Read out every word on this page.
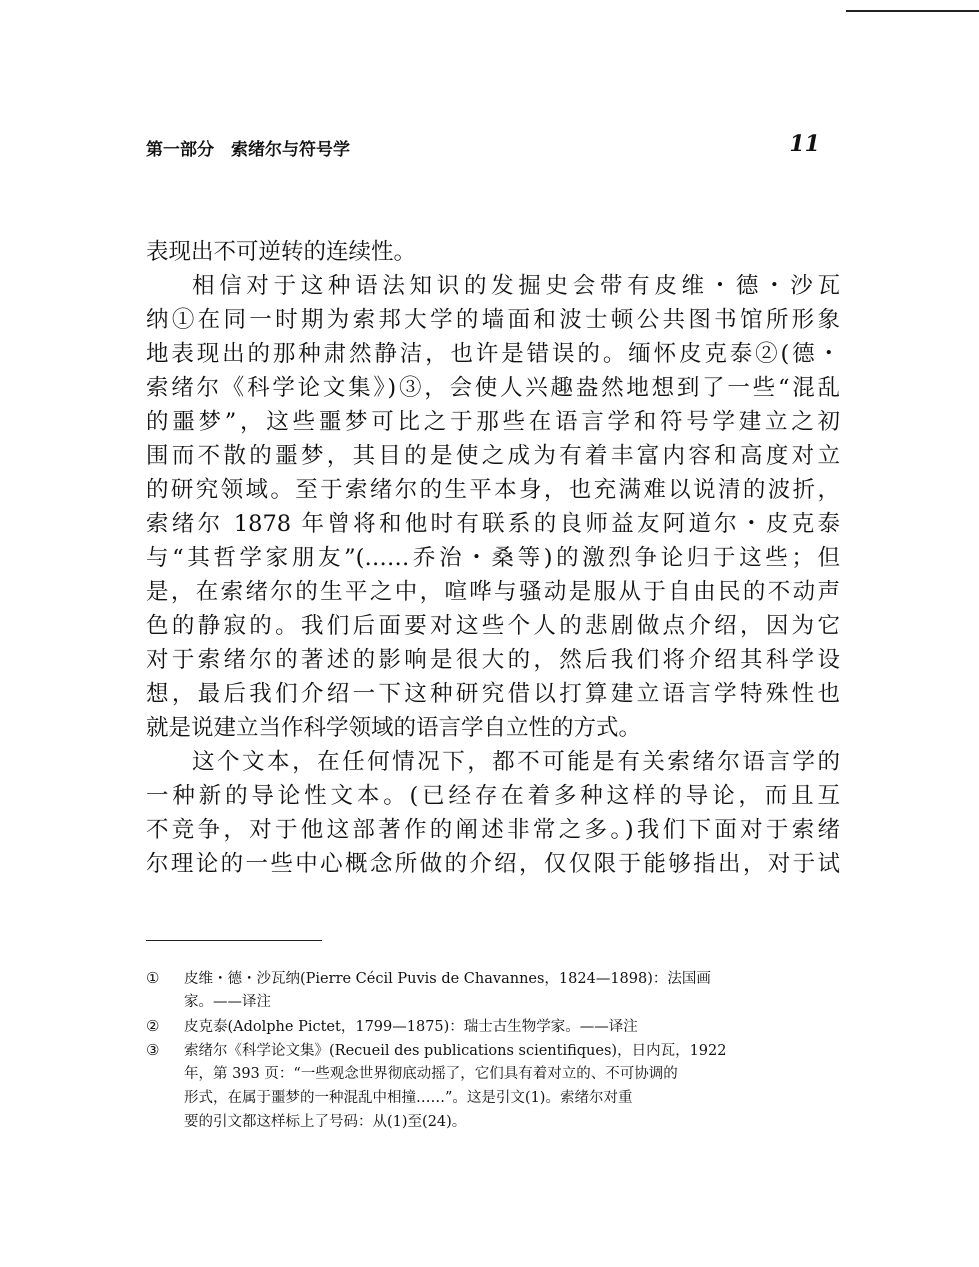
第一部分　索绪尔与符号学	11
表现出不可逆转的连续性。
相信对于这种语法知识的发掘史会带有皮维・德・沙瓦
纳①在同一时期为索邦大学的墙面和波士顿公共图书馆所形象
地表现出的那种肃然静洁，也许是错误的。缅怀皮克泰②(德・
索绪尔《科学论文集》)③，会使人兴趣盎然地想到了一些“混乱
的噩梦”，这些噩梦可比之于那些在语言学和符号学建立之初
围而不散的噩梦，其目的是使之成为有着丰富内容和高度对立
的研究领域。至于索绪尔的生平本身，也充满难以说清的波折，
索绪尔 1878 年曾将和他时有联系的良师益友阿道尔・皮克泰
与“其哲学家朋友”(……乔治・桑等)的激烈争论归于这些；但
是，在索绪尔的生平之中，喧哗与骚动是服从于自由民的不动声
色的静寂的。我们后面要对这些个人的悲剧做点介绍，因为它
对于索绪尔的著述的影响是很大的，然后我们将介绍其科学设
想，最后我们介绍一下这种研究借以打算建立语言学特殊性也
就是说建立当作科学领域的语言学自立性的方式。
这个文本，在任何情况下，都不可能是有关索绪尔语言学的
一种新的导论性文本。(已经存在着多种这样的导论，而且互
不竞争，对于他这部著作的阐述非常之多。)我们下面对于索绪
尔理论的一些中心概念所做的介绍，仅仅限于能够指出，对于试
① 皮维・德・沙瓦纳(Pierre Cécil Puvis de Chavannes，1824—1898)：法国画
家。——译注
② 皮克泰(Adolphe Pictet，1799—1875)：瑞士古生物学家。——译注
③ 索绪尔《科学论文集》(Recueil des publications scientifiques)，日内瓦，1922
年，第 393 页：“一些观念世界彻底动摇了，它们具有着对立的、不可协调的
形式，在属于噩梦的一种混乱中相撞……”。这是引文(1)。索绪尔对重
要的引文都这样标上了号码：从(1)至(24)。
